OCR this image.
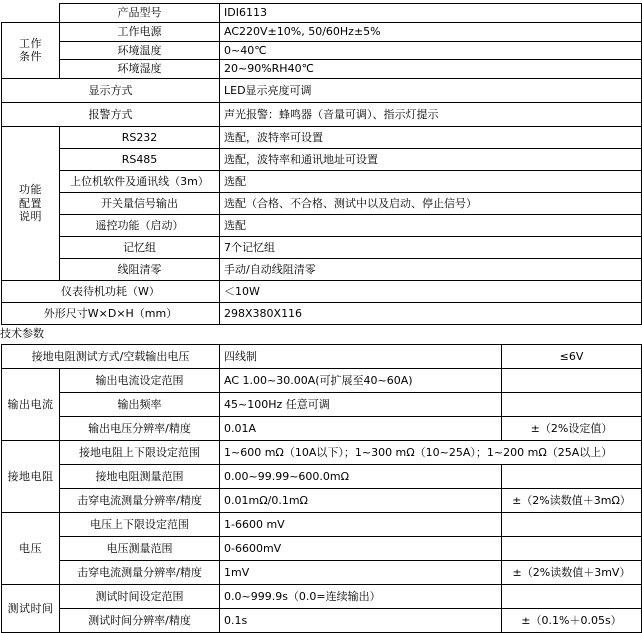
	产品型号	IDI6113
工作
条件	工作电源	AC220V±10%, 50/60Hz±5%
	环境温度	0~40℃
	环境湿度	20~90%RH40℃
显示方式		LED显示亮度可调
报警方式		声光报警：蜂鸣器（音量可调）、指示灯提示
功能
配置
说明	RS232	选配，波特率可设置
	RS485	选配，波特率和通讯地址可设置
	上位机软件及通讯线（3m）	选配
	开关量信号输出	选配（合格、不合格、测试中以及启动、停止信号）
	遥控功能（启动）	选配
	记忆组	7个记忆组
	线阻清零	手动/自动线阻清零
仪表待机功耗（W）		＜10W
外形尺寸W×D×H（mm）		298X380X116
技术参数
接地电阻测试方式/空载输出电压		四线制	≤6V
输出电流	输出电流设定范围	AC 1.00~30.00A(可扩展至40~60A)	
	输出频率	45~100Hz 任意可调	
	输出电压分辨率/精度	0.01A	±（2%设定值）
接地电阻	接地电阻上下限设定范围	1~600 mΩ（10A以下）；1~300 mΩ（10~25A）；1~200 mΩ（25A以上）	
	接地电阻测量范围	0.00~99.99~600.0mΩ	
	击穿电流测量分辨率/精度	0.01mΩ/0.1mΩ	±（2%读数值＋3mΩ）
电压	电压上下限设定范围	1-6600 mV	
	电压测量范围	0-6600mV	
	击穿电流测量分辨率/精度	1mV	±（2%读数值＋3mV）
测试时间	测试时间设定范围	0.0~999.9s（0.0=连续输出）	
	测试时间分辨率/精度	0.1s	±（0.1%＋0.05s）
